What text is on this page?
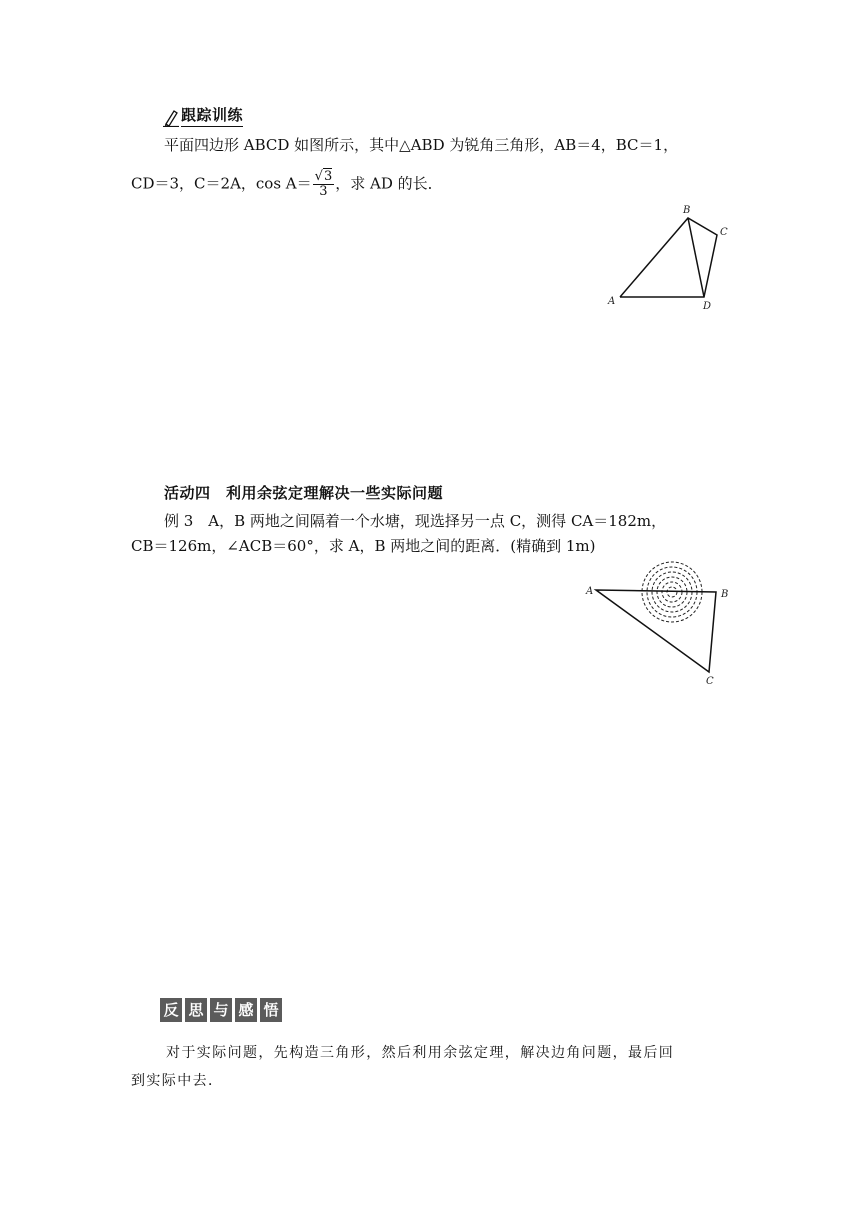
跟踪训练
平面四边形 ABCD 如图所示，其中△ABD 为锐角三角形，AB＝4，BC＝1，
CD＝3，C＝2A，$\cos A= \frac{√3}{3}$ ，求 AD 的长．
B
C
A	D
活动四　利用余弦定理解决一些实际问题
例 3　A，B 两地之间隔着一个水塘，现选择另一点 C，测得 CA＝182m，
CB＝126m，∠ACB＝60°，求 A，B 两地之间的距离．(精确到 1m)
A	B
C
反 思 与 感 悟
对于实际问题，先构造三角形，然后利用余弦定理，解决边角问题，最后回
到实际中去．
